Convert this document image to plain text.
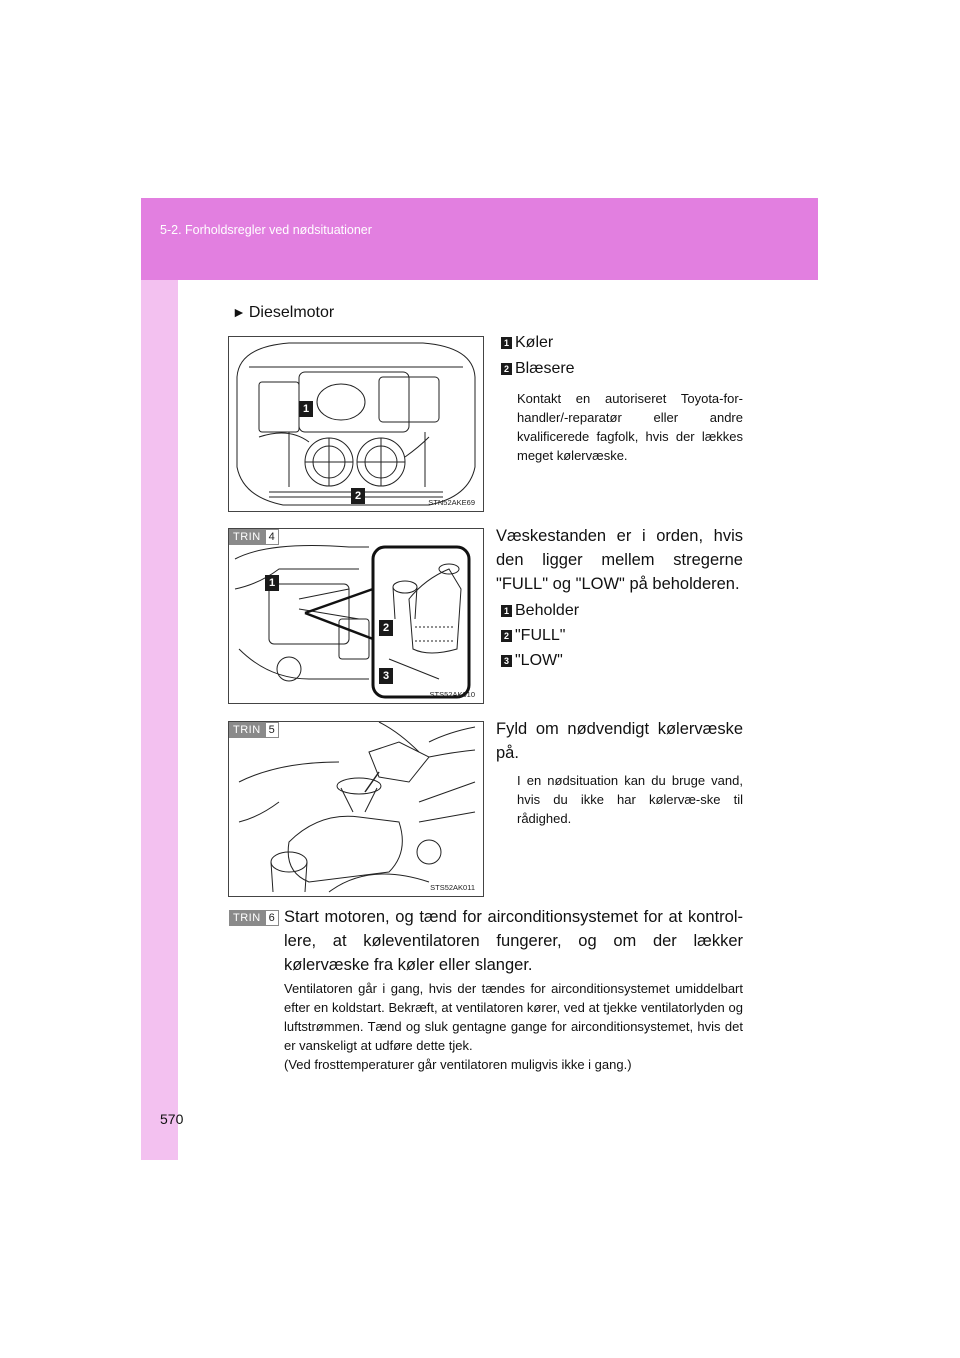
5-2. Forholdsregler ved nødsituationer
570
► Dieselmotor
1
2
STN52AKE69
1 Køler
2 Blæsere
Kontakt en autoriseret Toyota-for-handler/-reparatør eller andre kvalificerede fagfolk, hvis der lækkes meget kølervæske.
1
2
3
STS52AK010
TRIN 4	Væskestanden er i orden, hvis den ligger mellem stregerne "FULL" og "LOW" på beholderen.
1 Beholder
2 "FULL"
3 "LOW"
STS52AK011
TRIN 5	Fyld om nødvendigt kølervæske på.
I en nødsituation kan du bruge vand, hvis du ikke har kølervæ-ske til rådighed.
TRIN 6 Start motoren, og tænd for airconditionsystemet for at kontrol-lere, at køleventilatoren fungerer, og om der lækker kølervæske fra køler eller slanger.
Ventilatoren går i gang, hvis der tændes for airconditionsystemet umiddelbart efter en koldstart. Bekræft, at ventilatoren kører, ved at tjekke ventilatorlyden og luftstrømmen. Tænd og sluk gentagne gange for airconditionsystemet, hvis det er vanskeligt at udføre dette tjek.
(Ved frosttemperaturer går ventilatoren muligvis ikke i gang.)
